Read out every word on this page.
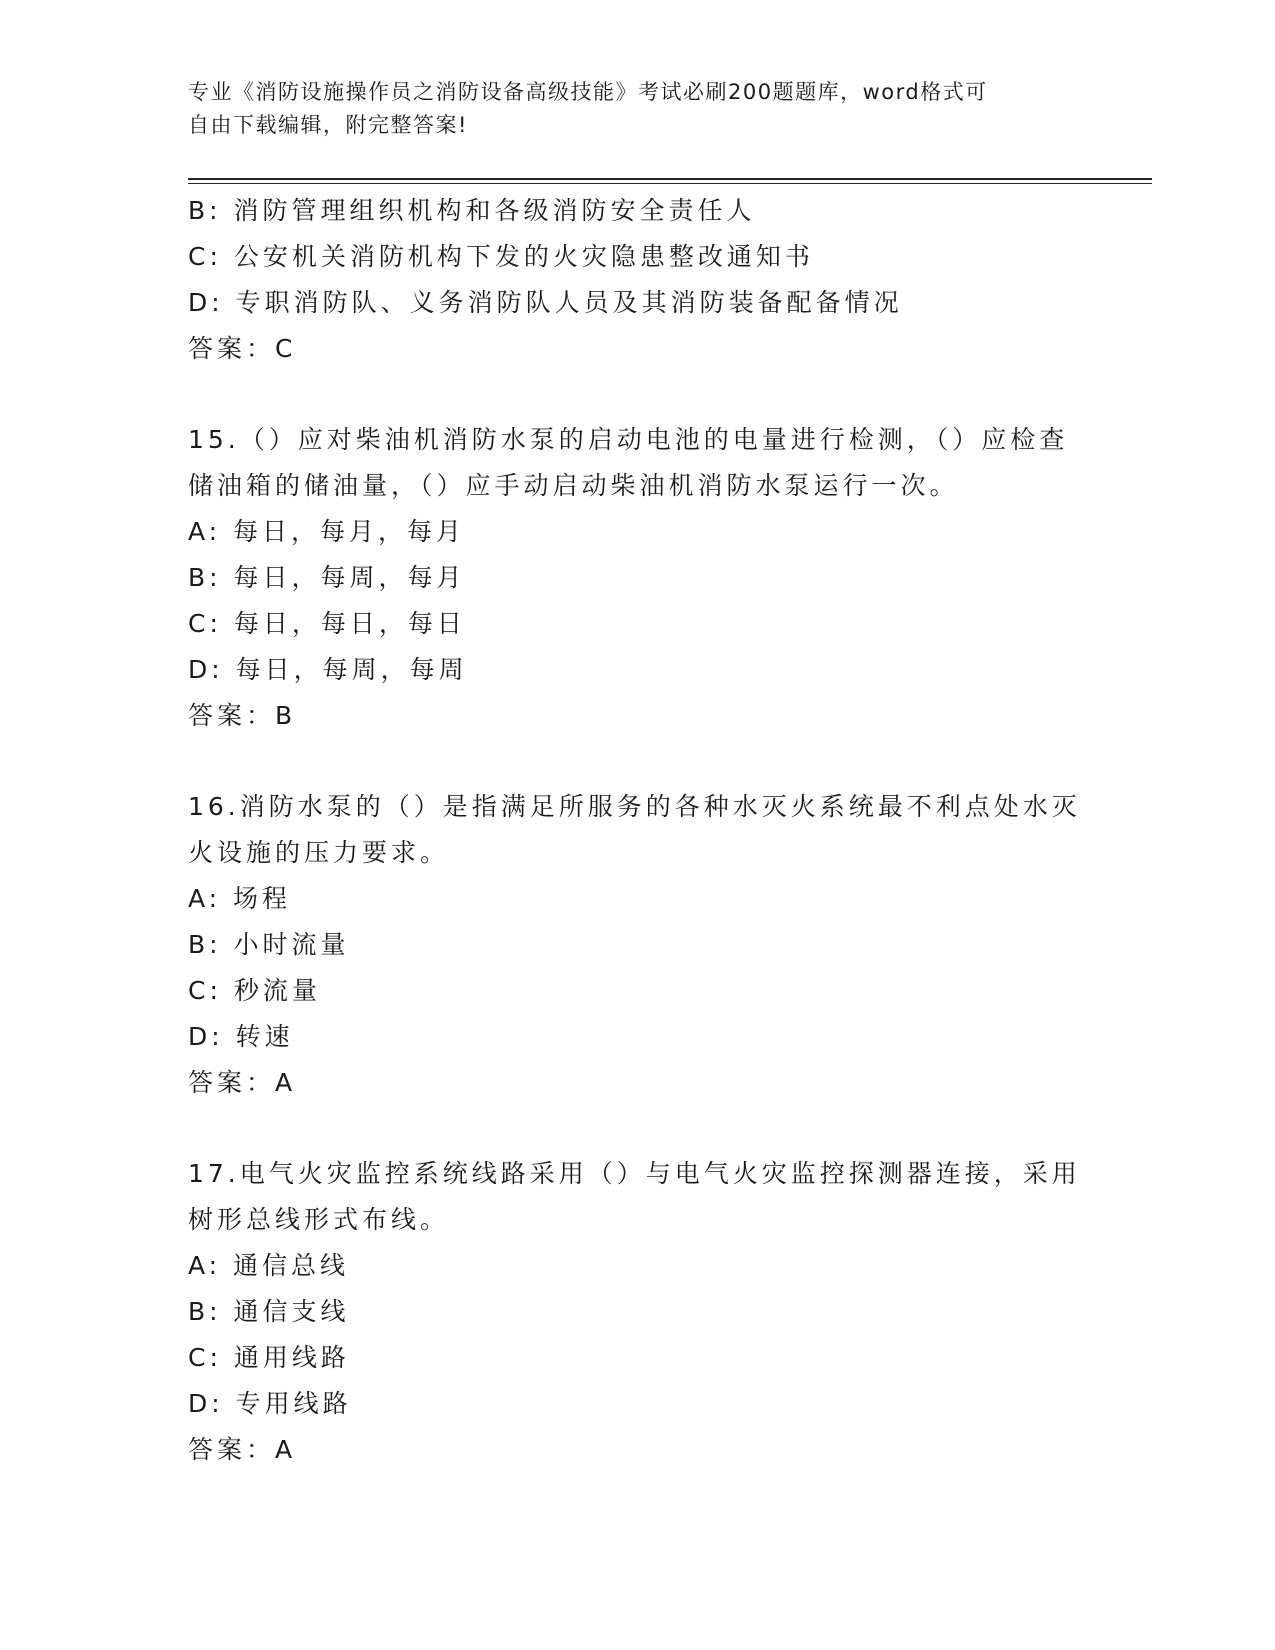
专业《消防设施操作员之消防设备高级技能》考试必刷200题题库，word格式可
自由下载编辑，附完整答案!
B: 消防管理组织机构和各级消防安全责任人
C: 公安机关消防机构下发的火灾隐患整改通知书
D: 专职消防队、义务消防队人员及其消防装备配备情况
答案：C
15.（）应对柴油机消防水泵的启动电池的电量进行检测，（）应检查
储油箱的储油量，（）应手动启动柴油机消防水泵运行一次。
A: 每日，每月，每月
B: 每日，每周，每月
C: 每日，每日，每日
D: 每日，每周，每周
答案：B
16.消防水泵的（）是指满足所服务的各种水灭火系统最不利点处水灭
火设施的压力要求。
A: 场程
B: 小时流量
C: 秒流量
D: 转速
答案：A
17.电气火灾监控系统线路采用（）与电气火灾监控探测器连接，采用
树形总线形式布线。
A: 通信总线
B: 通信支线
C: 通用线路
D: 专用线路
答案：A
